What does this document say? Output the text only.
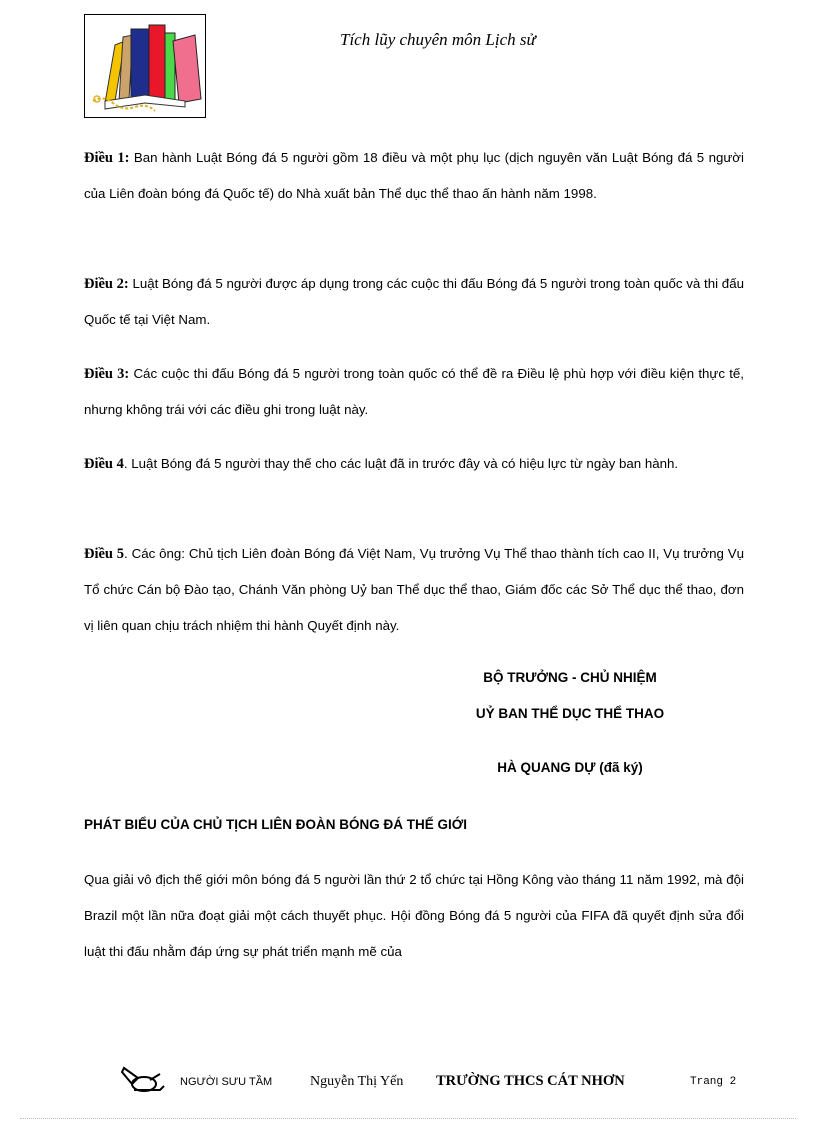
Tích lũy chuyên môn Lịch sử
Điều 1: Ban hành Luật Bóng đá 5 người gồm 18 điều và một phụ lục (dịch nguyên văn Luật Bóng đá 5 người của Liên đoàn bóng đá Quốc tế) do Nhà xuất bản Thể dục thể thao ấn hành năm 1998.
Điều 2: Luật Bóng đá 5 người được áp dụng trong các cuộc thi đấu Bóng đá 5 người trong toàn quốc và thi đấu Quốc tế tại Việt Nam.
Điều 3: Các cuộc thi đấu Bóng đá 5 người trong toàn quốc có thể đề ra Điều lệ phù hợp với điều kiện thực tế, nhưng không trái với các điều ghi trong luật này.
Điều 4. Luật Bóng đá 5 người thay thế cho các luật đã in trước đây và có hiệu lực từ ngày ban hành.
Điều 5. Các ông: Chủ tịch Liên đoàn Bóng đá Việt Nam, Vụ trưởng Vụ Thể thao thành tích cao II, Vụ trưởng Vụ Tổ chức Cán bộ Đào tạo, Chánh Văn phòng Uỷ ban Thể dục thể thao, Giám đốc các Sở Thể dục thể thao, đơn vị liên quan chịu trách nhiệm thi hành Quyết định này.
BỘ TRƯỞNG - CHỦ NHIỆM
UỶ BAN THỂ DỤC THỂ THAO
HÀ QUANG DỰ (đã ký)
PHÁT BIỂU CỦA CHỦ TỊCH LIÊN ĐOÀN BÓNG ĐÁ THẾ GIỚI
Qua giải vô địch thế giới môn bóng đá 5 người lần thứ 2 tổ chức tại Hồng Kông vào tháng 11 năm 1992, mà đội Brazil một lần nữa đoạt giải một cách thuyết phục. Hội đồng Bóng đá 5 người của FIFA đã quyết định sửa đổi luật thi đấu nhằm đáp ứng sự phát triển mạnh mẽ của
NGƯỜI SƯU TẦM	Nguyễn Thị Yến TRƯỜNG THCS CÁT NHƠN	Trang 2
